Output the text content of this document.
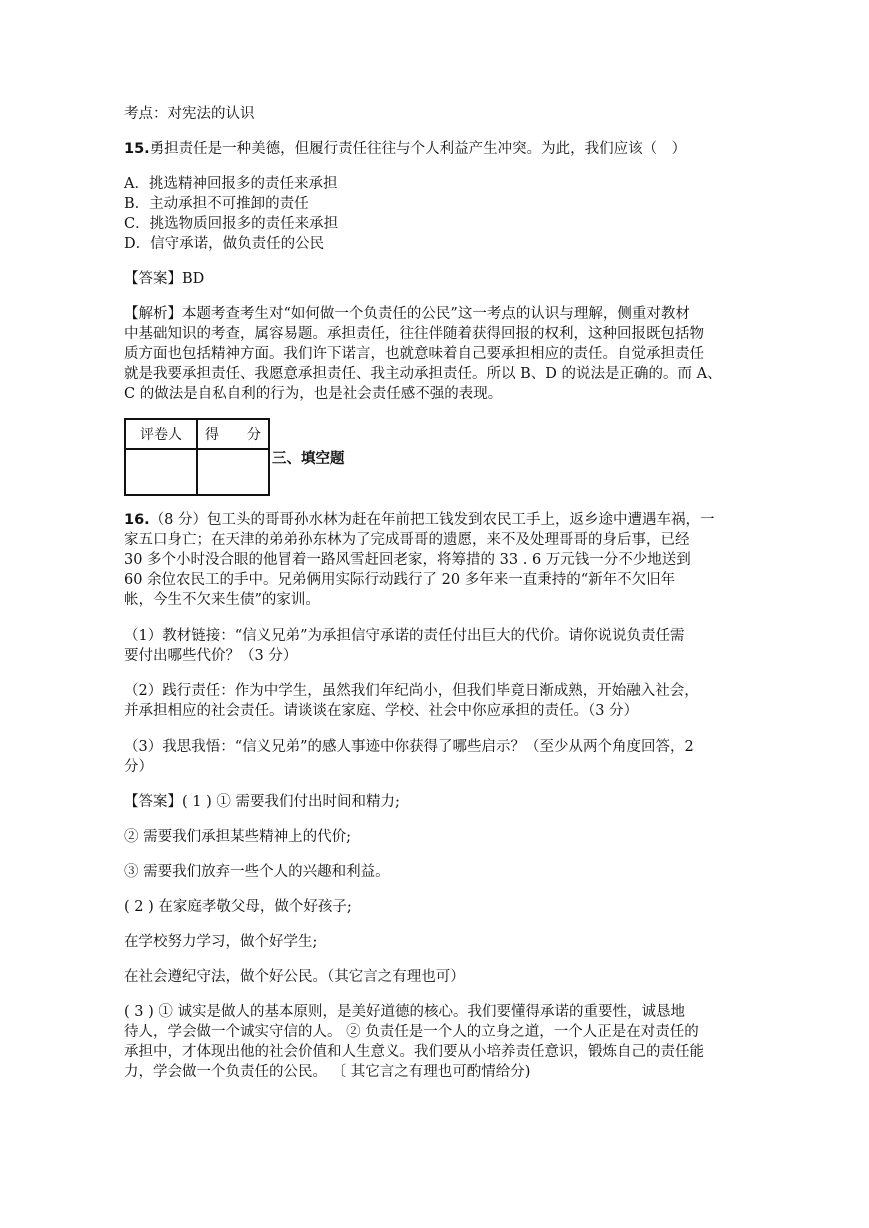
考点：对宪法的认识
15.勇担责任是一种美德，但履行责任往往与个人利益产生冲突。为此，我们应该（　）
A．挑选精神回报多的责任来承担
B．主动承担不可推卸的责任
C．挑选物质回报多的责任来承担
D．信守承诺，做负责任的公民
【答案】BD
【解析】本题考查考生对“如何做一个负责任的公民”这一考点的认识与理解，侧重对教材
中基础知识的考查，属容易题。承担责任，往往伴随着获得回报的权利，这种回报既包括物
质方面也包括精神方面。我们许下诺言，也就意味着自己要承担相应的责任。自觉承担责任
就是我要承担责任、我愿意承担责任、我主动承担责任。所以 B、D 的说法是正确的。而 A、
C 的做法是自私自利的行为，也是社会责任感不强的表现。
评卷人	得　　分

三、填空题
16.（8 分）包工头的哥哥孙水林为赶在年前把工钱发到农民工手上，返乡途中遭遇车祸，一
家五口身亡；在天津的弟弟孙东林为了完成哥哥的遗愿，来不及处理哥哥的身后事，已经
30 多个小时没合眼的他冒着一路风雪赶回老家，将筹措的 33 . 6 万元钱一分不少地送到
60 余位农民工的手中。兄弟俩用实际行动践行了 20 多年来一直秉持的“新年不欠旧年
帐，今生不欠来生债”的家训。
（1）教材链接：“信义兄弟”为承担信守承诺的责任付出巨大的代价。请你说说负责任需
要付出哪些代价？（3 分）
（2）践行责任：作为中学生，虽然我们年纪尚小，但我们毕竟日渐成熟，开始融入社会，
并承担相应的社会责任。请谈谈在家庭、学校、社会中你应承担的责任。（3 分）
（3）我思我悟：“信义兄弟”的感人事迹中你获得了哪些启示？（至少从两个角度回答，2
分）
【答案】( 1 ) ① 需要我们付出时间和精力;
② 需要我们承担某些精神上的代价;
③ 需要我们放弃一些个人的兴趣和利益。
( 2 ) 在家庭孝敬父母，做个好孩子;
在学校努力学习，做个好学生;
在社会遵纪守法，做个好公民。（其它言之有理也可）
( 3 ) ① 诚实是做人的基本原则，是美好道德的核心。我们要懂得承诺的重要性，诚恳地
待人，学会做一个诚实守信的人。 ② 负责任是一个人的立身之道，一个人正是在对责任的
承担中，才体现出他的社会价值和人生意义。我们要从小培养责任意识，锻炼自己的责任能
力，学会做一个负责任的公民。 〔 其它言之有理也可酌情给分)
